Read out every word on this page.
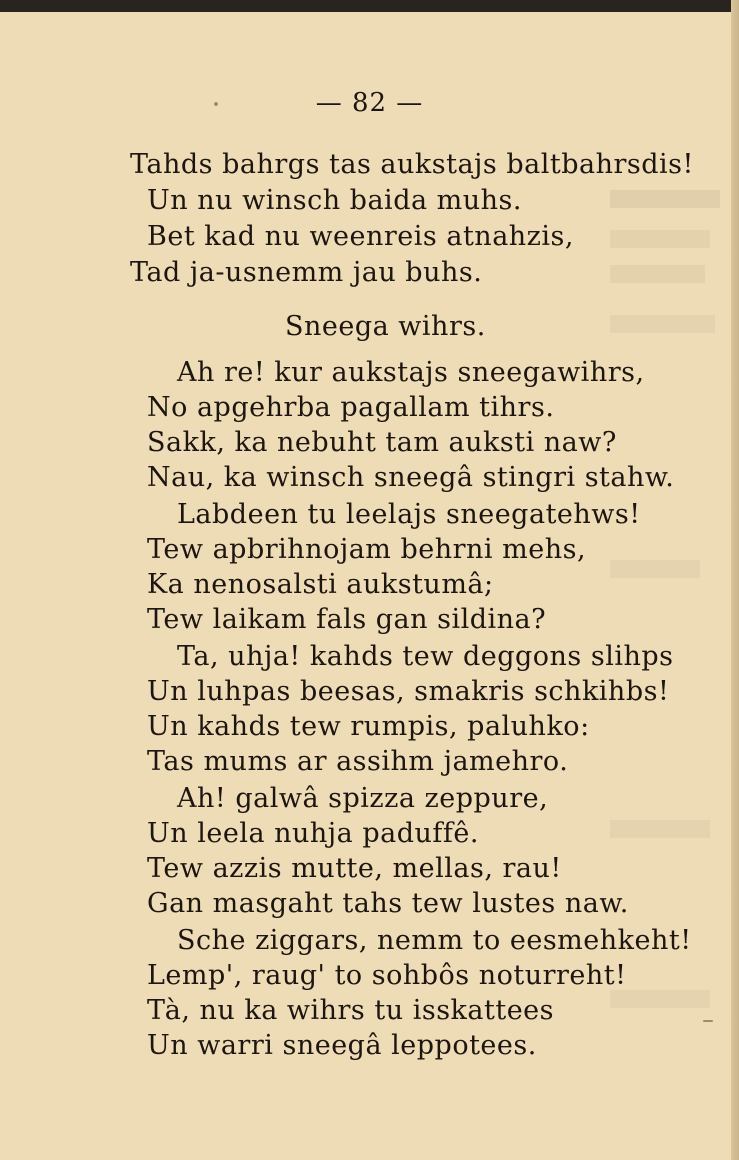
— 82 —
Tahds bahrgs tas aukstajs baltbahrsdis!
Un nu winsch baida muhs.
Bet kad nu weenreis atnahzis,
Tad ja-usnemm jau buhs.
Sneega wihrs.
Ah re! kur aukstajs sneegawihrs,
No apgehrba pagallam tihrs.
Sakk, ka nebuht tam auksti naw?
Nau, ka winsch sneegâ stingri stahw.
Labdeen tu leelajs sneegatehws!
Tew apbrihnojam behrni mehs,
Ka nenosalsti aukstumâ;
Tew laikam fals gan sildina?
Ta, uhja! kahds tew deggons slihps
Un luhpas beesas, smakris schkihbs!
Un kahds tew rumpis, paluhko:
Tas mums ar assihm jamehro.
Ah! galwâ spizza zeppure,
Un leela nuhja paduffê.
Tew azzis mutte, mellas, rau!
Gan masgaht tahs tew lustes naw.
Sche ziggars, nemm to eesmehkeht!
Lemp', raug' to sohbôs noturreht!
Tà, nu ka wihrs tu isskattees
Un warri sneegâ leppotees.
